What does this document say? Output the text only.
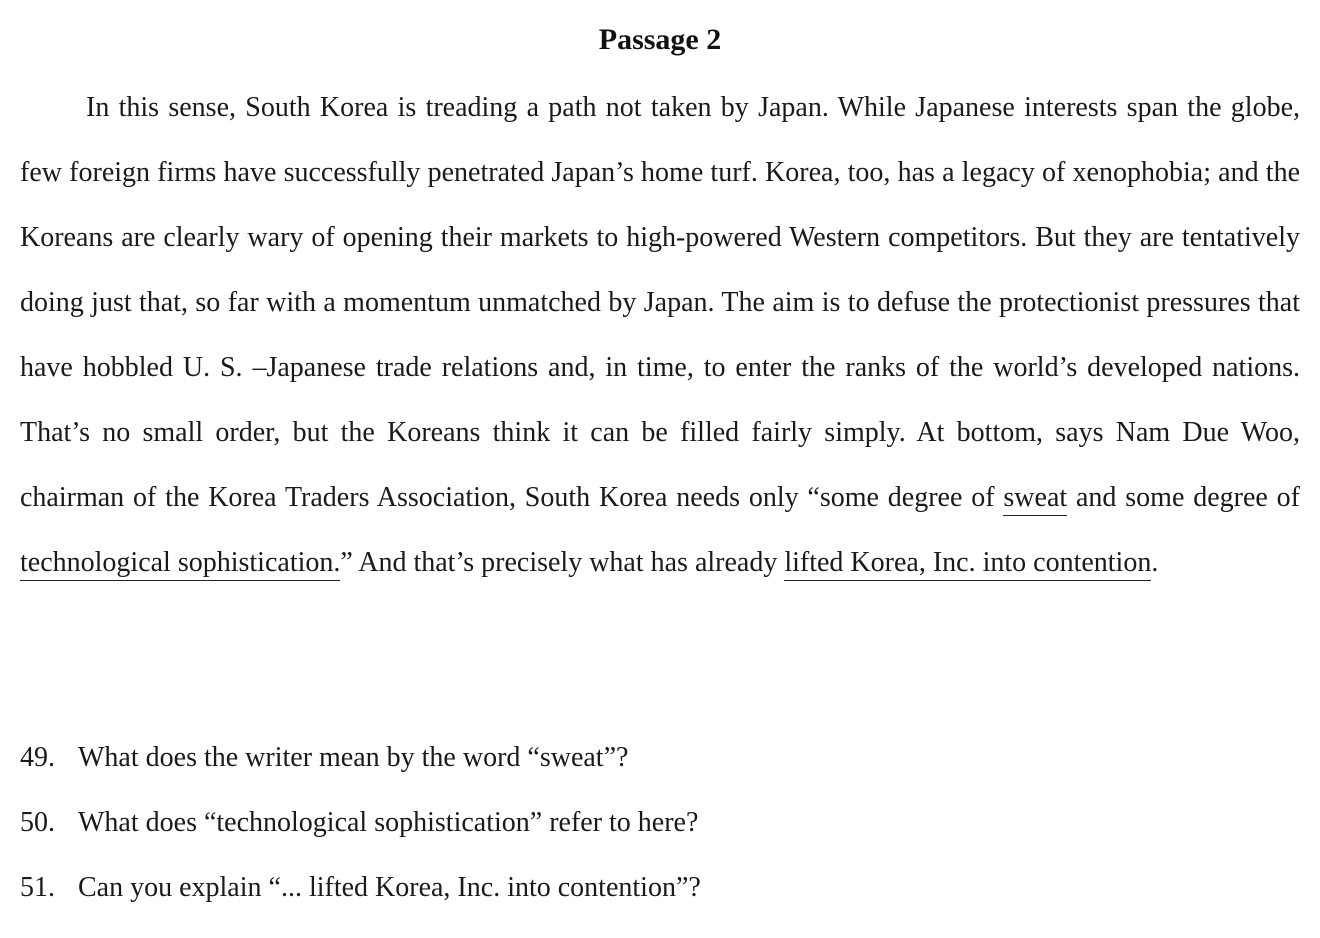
Passage 2

In this sense, South Korea is treading a path not taken by Japan. While Japanese interests span the globe, few foreign firms have successfully penetrated Japan’s home turf. Korea, too, has a legacy of xenophobia; and the Koreans are clearly wary of opening their markets to high-powered Western competitors. But they are tentatively doing just that, so far with a momentum unmatched by Japan. The aim is to defuse the protectionist pressures that have hobbled U. S. –Japanese trade relations and, in time, to enter the ranks of the world’s developed nations. That’s no small order, but the Koreans think it can be filled fairly simply. At bottom, says Nam Due Woo, chairman of the Korea Traders Association, South Korea needs only “some degree of sweat and some degree of technological sophistication.” And that’s precisely what has already lifted Korea, Inc. into contention.

49. What does the writer mean by the word “sweat”?
50. What does “technological sophistication” refer to here?
51. Can you explain “... lifted Korea, Inc. into contention”?
